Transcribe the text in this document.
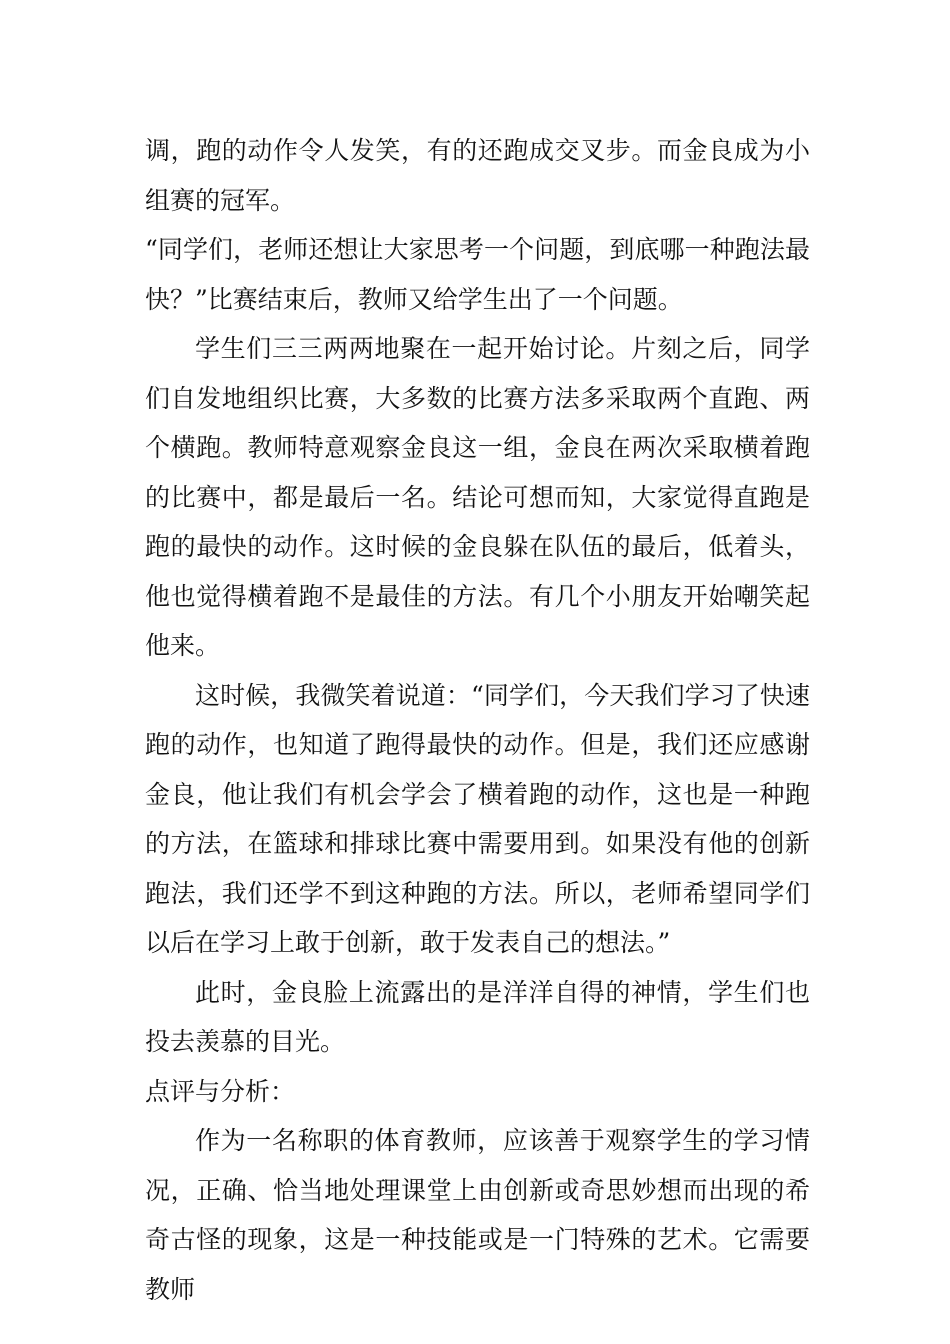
调，跑的动作令人发笑，有的还跑成交叉步。而金良成为小组赛的冠军。

“同学们，老师还想让大家思考一个问题，到底哪一种跑法最快？”比赛结束后，教师又给学生出了一个问题。

学生们三三两两地聚在一起开始讨论。片刻之后，同学们自发地组织比赛，大多数的比赛方法多采取两个直跑、两个横跑。教师特意观察金良这一组，金良在两次采取横着跑的比赛中，都是最后一名。结论可想而知，大家觉得直跑是跑的最快的动作。这时候的金良躲在队伍的最后，低着头，他也觉得横着跑不是最佳的方法。有几个小朋友开始嘲笑起他来。

这时候，我微笑着说道：“同学们，今天我们学习了快速跑的动作，也知道了跑得最快的动作。但是，我们还应感谢金良，他让我们有机会学会了横着跑的动作，这也是一种跑的方法，在篮球和排球比赛中需要用到。如果没有他的创新跑法，我们还学不到这种跑的方法。所以，老师希望同学们以后在学习上敢于创新，敢于发表自己的想法。”

此时，金良脸上流露出的是洋洋自得的神情，学生们也投去羡慕的目光。

点评与分析：

作为一名称职的体育教师，应该善于观察学生的学习情况，正确、恰当地处理课堂上由创新或奇思妙想而出现的希奇古怪的现象，这是一种技能或是一门特殊的艺术。它需要教师
